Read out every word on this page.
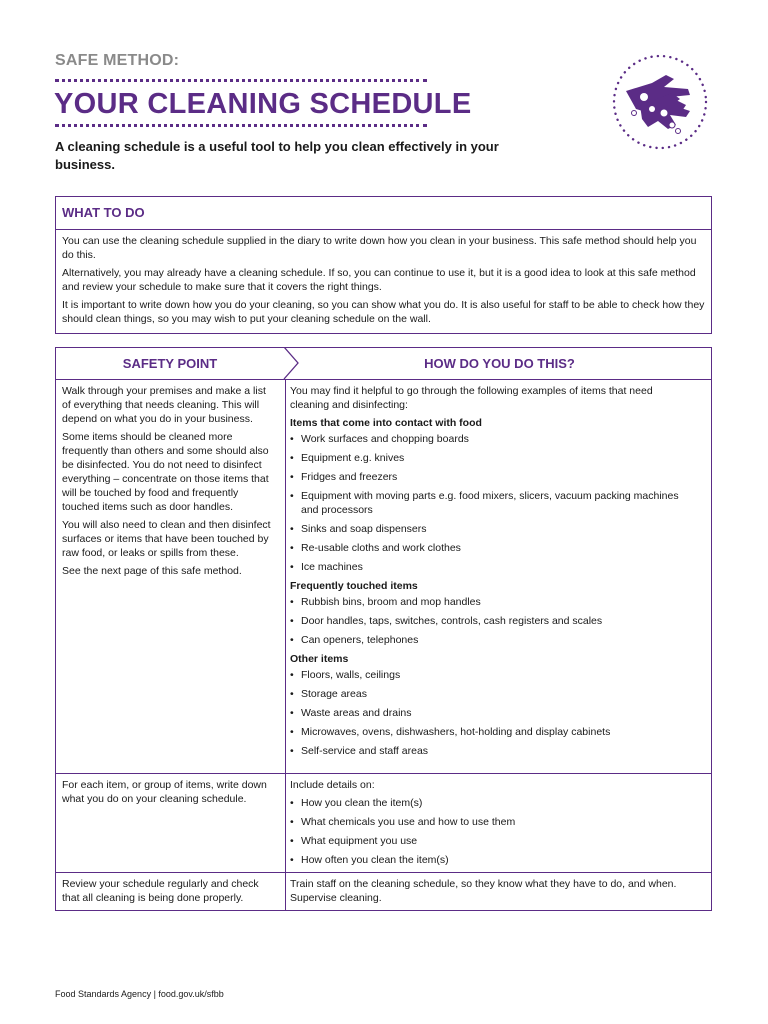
SAFE METHOD:
YOUR CLEANING SCHEDULE
A cleaning schedule is a useful tool to help you clean effectively in your business.
WHAT TO DO

You can use the cleaning schedule supplied in the diary to write down how you clean in your business. This safe method should help you do this.

Alternatively, you may already have a cleaning schedule. If so, you can continue to use it, but it is a good idea to look at this safe method and review your schedule to make sure that it covers the right things.

It is important to write down how you do your cleaning, so you can show what you do. It is also useful for staff to be able to check how they should clean things, so you may wish to put your cleaning schedule on the wall.

SAFETY POINT	HOW DO YOU DO THIS?

Walk through your premises and make a list of everything that needs cleaning. This will depend on what you do in your business.

Some items should be cleaned more frequently than others and some should also be disinfected. You do not need to disinfect everything – concentrate on those items that will be touched by food and frequently touched items such as door handles.

You will also need to clean and then disinfect surfaces or items that have been touched by raw food, or leaks or spills from these.

See the next page of this safe method.

You may find it helpful to go through the following examples of items that need cleaning and disinfecting:

Items that come into contact with food
• Work surfaces and chopping boards
• Equipment e.g. knives
• Fridges and freezers
• Equipment with moving parts e.g. food mixers, slicers, vacuum packing machines and processors
• Sinks and soap dispensers
• Re-usable cloths and work clothes
• Ice machines
Frequently touched items
• Rubbish bins, broom and mop handles
• Door handles, taps, switches, controls, cash registers and scales
• Can openers, telephones
Other items
• Floors, walls, ceilings
• Storage areas
• Waste areas and drains
• Microwaves, ovens, dishwashers, hot-holding and display cabinets
• Self-service and staff areas
For each item, or group of items, write down what you do on your cleaning schedule.

Include details on:

• How you clean the item(s)
• What chemicals you use and how to use them
• What equipment you use
• How often you clean the item(s)
Review your schedule regularly and check that all cleaning is being done properly.
Train staff on the cleaning schedule, so they know what they have to do, and when. Supervise cleaning.
Food Standards Agency | food.gov.uk/sfbb
